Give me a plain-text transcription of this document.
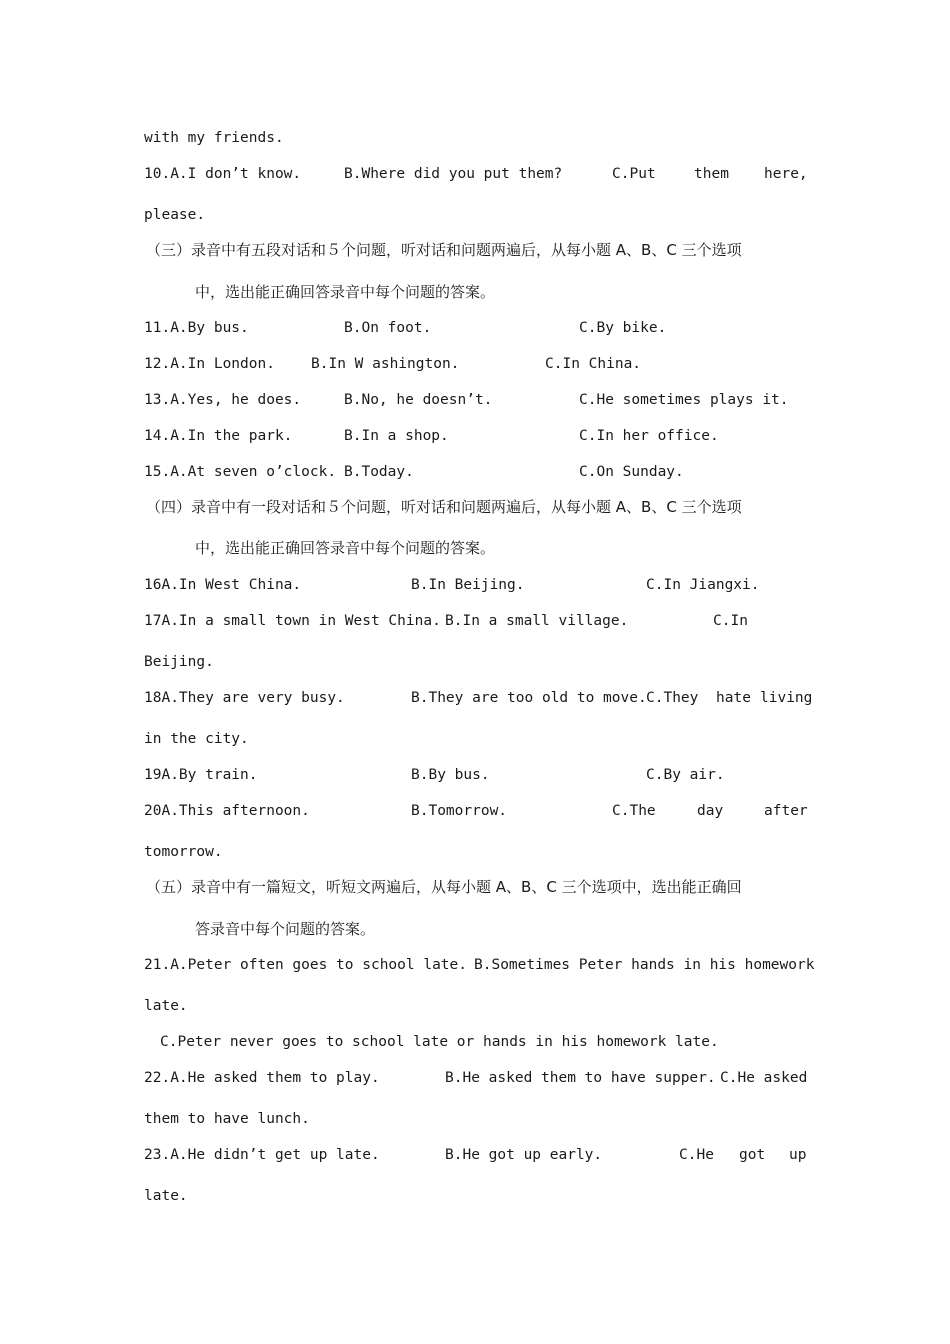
with my friends.

10.A.I don’t know.

	B.Where did you put them?

	C.Put

	them

here,

please.
（三）录音中有五段对话和５个问题，听对话和问题两遍后，从每小题 A、B、C 三个选项
中，选出能正确回答录音中每个问题的答案。

11.A.By bus.

	B.On foot.

	C.By bike.

12.A.In London.

B.In W ashington.

	C.In China.

13.A.Yes, he does.

	B.No, he doesn’t.

	C.He sometimes plays it.

14.A.In the park.

	B.In a shop.

	C.In her office.

15.A.At seven o’clock.

B.Today.

	C.On Sunday.

（四）录音中有一段对话和５个问题，听对话和问题两遍后，从每小题 A、B、C 三个选项
中，选出能正确回答录音中每个问题的答案。

16A.In West China.

	B.In Beijing.

	C.In Jiangxi.

17A.In a small town in West China.

B.In a small village.

	C.In

Beijing.

18A.They are very busy.

	B.They are too old to move.

C.They

hate

living

in the city.

19A.By train.

	B.By bus.

	C.By air.

20A.This afternoon.

	B.Tomorrow.

	C.The

	day

	after

tomorrow.
（五）录音中有一篇短文，听短文两遍后，从每小题 A、B、C 三个选项中，选出能正确回
答录音中每个问题的答案。

21.A.Peter often goes to school late.

B.Sometimes Peter hands in his homework

late.
C.Peter never goes to school late or hands in his homework late.

22.A.He asked them to play.

	B.He asked them to have supper.

C.He asked

them to have lunch.

23.A.He didn’t get up late.

	B.He got up early.

	C.He

got

up

late.
